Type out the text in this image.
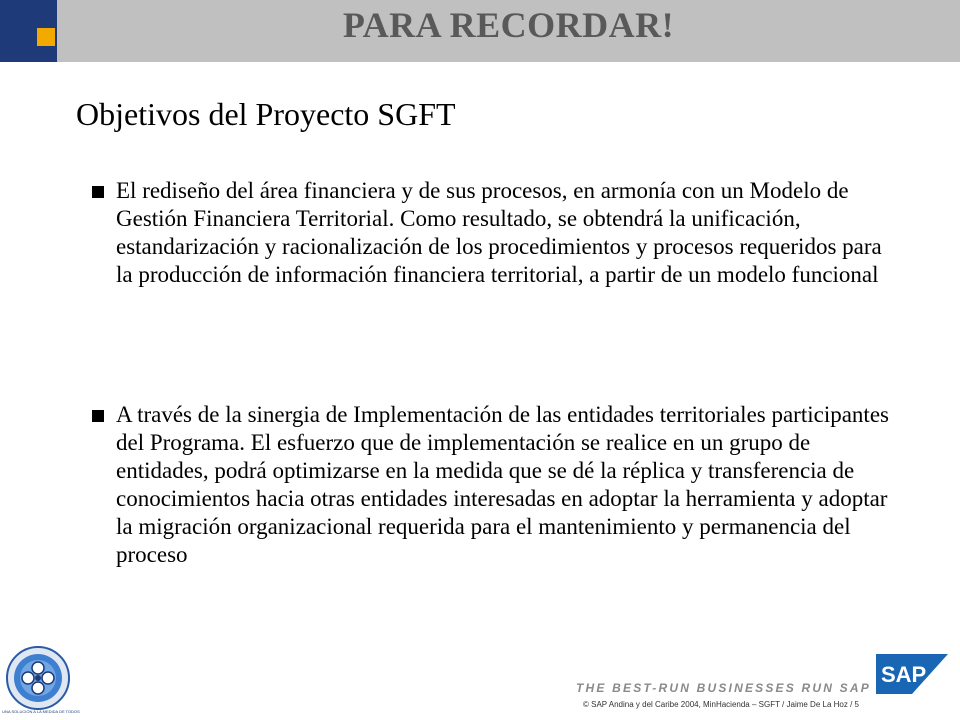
PARA RECORDAR!
Objetivos del Proyecto SGFT
El rediseño del área financiera y de sus procesos, en armonía con un Modelo de Gestión Financiera Territorial. Como resultado, se obtendrá la unificación, estandarización y racionalización de los procedimientos y procesos requeridos para la producción de información financiera territorial, a partir de un modelo funcional
A través de la sinergia de Implementación de las entidades territoriales participantes del Programa. El esfuerzo que de implementación se realice en un grupo de entidades, podrá optimizarse en la medida que se dé la réplica y transferencia de conocimientos hacia otras entidades interesadas en adoptar la herramienta y adoptar la migración organizacional requerida para el mantenimiento y permanencia del proceso
UNA SOLUCIÓN A LA MEDIDA DE TODOS
THE BEST-RUN BUSINESSES RUN SAP
SAP
© SAP Andina y del Caribe 2004, MinHacienda – SGFT / Jaime De La Hoz / 5
